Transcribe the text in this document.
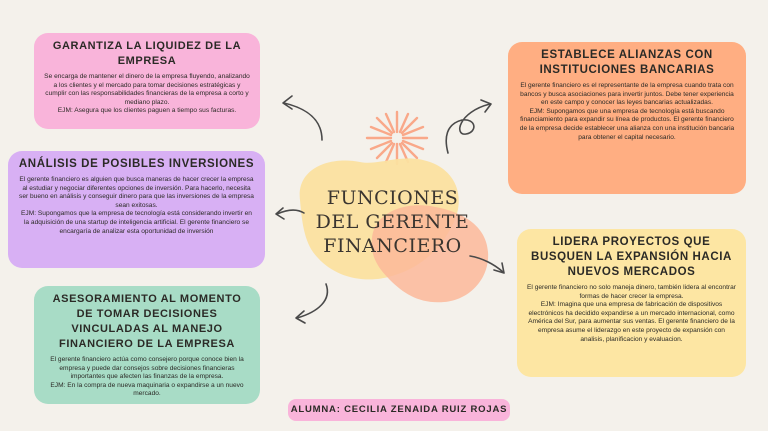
FUNCIONES DEL GERENTE FINANCIERO
GARANTIZA LA LIQUIDEZ DE LA EMPRESA

Se encarga de mantener el dinero de la empresa fluyendo, analizando a los clientes y el mercado para tomar decisiones estratégicas y cumplir con las responsabilidades financieras de la empresa a corto y mediano plazo.
EJM: Asegura que los clientes paguen a tiempo sus facturas.

ANÁLISIS DE POSIBLES INVERSIONES

El gerente financiero es alguien que busca maneras de hacer crecer la empresa al estudiar y negociar diferentes opciones de inversión. Para hacerlo, necesita ser bueno en análisis y conseguir dinero para que las inversiones de la empresa sean exitosas.
EJM: Supongamos que la empresa de tecnología está considerando invertir en la adquisición de una startup de inteligencia artificial. El gerente financiero se encargaría de analizar esta oportunidad de inversión

ASESORAMIENTO AL MOMENTO DE TOMAR DECISIONES VINCULADAS AL MANEJO FINANCIERO DE LA EMPRESA

El gerente financiero actúa como consejero porque conoce bien la empresa y puede dar consejos sobre decisiones financieras importantes que afecten las finanzas de la empresa.
EJM: En la compra de nueva maquinaria o expandirse a un nuevo mercado.

ESTABLECE ALIANZAS CON INSTITUCIONES BANCARIAS

El gerente financiero es el representante de la empresa cuando trata con bancos y busca asociaciones para invertir juntos. Debe tener experiencia en este campo y conocer las leyes bancarias actualizadas.
EJM: Supongamos que una empresa de tecnología está buscando financiamiento para expandir su línea de productos. El gerente financiero de la empresa decide establecer una alianza con una institución bancaria para obtener el capital necesario.

LIDERA PROYECTOS QUE BUSQUEN LA EXPANSIÓN HACIA NUEVOS MERCADOS

El gerente financiero no solo maneja dinero, también lidera al encontrar formas de hacer crecer la empresa.
EJM: Imagina que una empresa de fabricación de dispositivos electrónicos ha decidido expandirse a un mercado internacional, como América del Sur, para aumentar sus ventas. El gerente financiero de la empresa asume el liderazgo en este proyecto de expansión con analisis, planificacion y evaluacion.

ALUMNA: CECILIA ZENAIDA RUIZ ROJAS
